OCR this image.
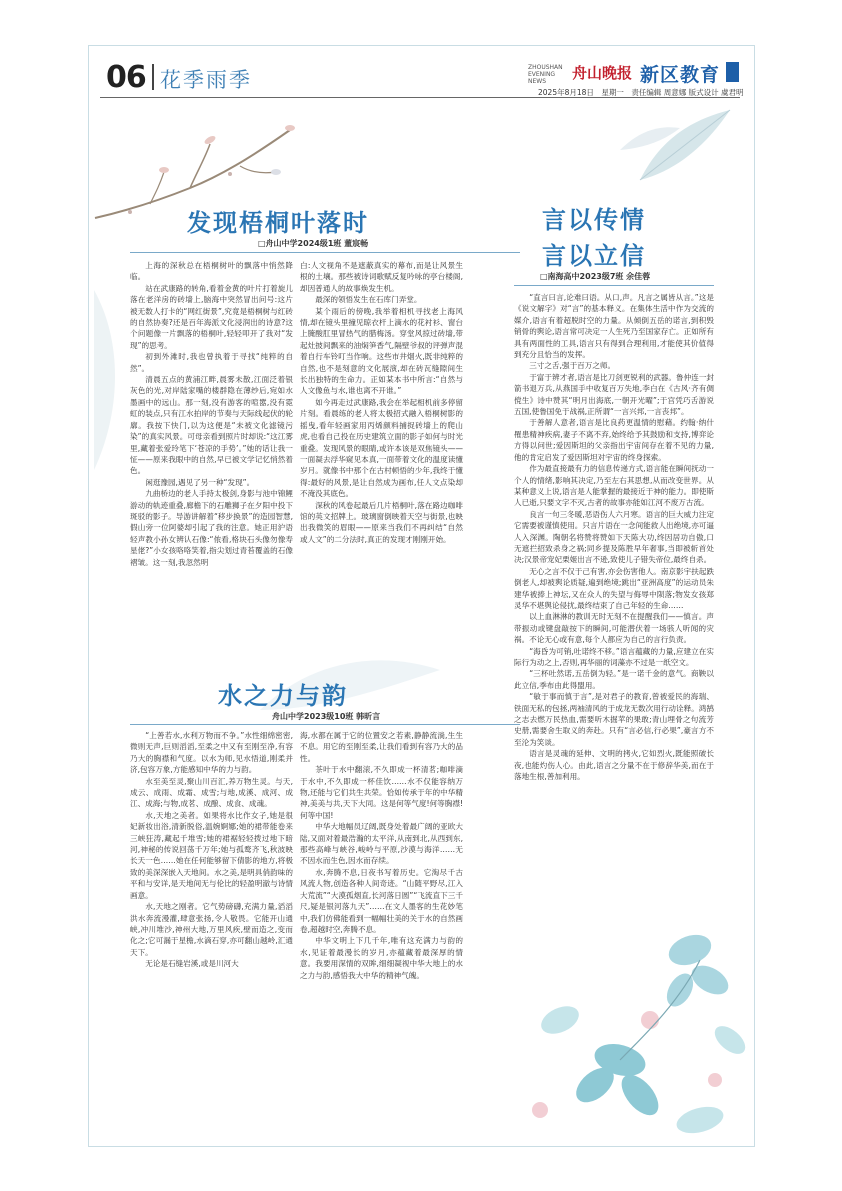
06 花季雨季
ZHOUSHAN EVENING NEWS	舟山晚报 新区教育
2025年8月18日　星期一　责任编辑 周意娜 版式设计 虞君明
发现梧桐叶落时
□舟山中学2024级1班 董宸畅

上海的深秋总在梧桐树叶的飘落中悄然降临。

站在武康路的转角,看着金黄的叶片打着旋儿落在老洋房的砖墙上,脑海中突然冒出问号:这片被无数人打卡的“网红街景”,究竟是梧桐树与红砖的自然协奏?还是百年海派文化浸润出的诗意?这个问题像一片飘落的梧桐叶,轻轻叩开了我对“发现”的思考。

初到外滩时,我也曾执着于寻找“纯粹的自然”。

清晨五点的黄浦江畔,晨雾未散,江面泛着银灰色的光,对岸陆家嘴的楼群隐在薄纱后,宛如水墨画中的远山。那一刻,没有游客的喧嚣,没有霓虹的装点,只有江水拍岸的节奏与天际线起伏的轮廓。我按下快门,以为这便是“未被文化滤镜污染”的真实风景。可母亲看到照片时却说:“这江雾里,藏着张爱玲笔下‘苍凉的手势’。”她的话让我一怔——原来我眼中的自然,早已被文学记忆悄然着色。

闲逛豫园,遇见了另一种“发现”。

九曲桥边的老人手持太极剑,身影与池中锦鲤游动的轨迹重叠,廊檐下的石雕狮子在夕阳中投下斑驳的影子。导游讲解着“移步换景”的造园智慧,假山旁一位阿婆却引起了我的注意。她正用沪语轻声教小孙女辨认石像:“侬看,格块石头像勿像寿星佬?”小女孩咯咯笑着,指尖划过青苔覆盖的石像褶皱。这一刻,我忽然明

白:人文视角不是遮蔽真实的幕布,而是让风景生根的土壤。那些被诗词歌赋反复吟咏的亭台楼阁,却因普通人的故事焕发生机。

最深的领悟发生在石库门弄堂。

某个雨后的傍晚,我举着相机寻找老上海风情,却在镜头里撞见晾衣杆上滴水的花衬衫、窗台上腌酸肛里冒热气的腊梅汤。穿堂风掠过砖墙,带起灶披间飘来的油焖笋香气,隔壁爷叔的评弹声混着自行车铃叮当作响。这些市井烟火,既非纯粹的自然,也不是刻意的文化展演,却在砖瓦缝隙间生长出独特的生命力。正如某本书中所言:“自然与人文像鱼与水,谁也离不开谁。”

如今再走过武康路,我会在举起相机前多停留片刻。看晨练的老人将太极招式融入梧桐树影的摇曳,看年轻画家用丙烯颜料捕捉砖墙上的爬山虎,也看自己投在历史建筑立面的影子如何与时光重叠。发现风景的眼睛,或许本该是双焦镜头——一面凝去浮华窥见本真,一面带着文化的温度读懂岁月。就像书中那个在古村顿悟的少年,我终于懂得:最好的风景,是让自然成为画布,任人文点染却不淹没其底色。

深秋的风卷起最后几片梧桐叶,落在路边咖啡馆的英文招牌上。玻璃窗倒映着天空与街景,也映出我微笑的眉眼——原来当我们不再纠结“自然或人文”的二分法时,真正的发现才刚刚开始。

水之力与韵
舟山中学2023级10班 韩昕言

“上善若水,水利万物而不争。”水性细绵密密,微则无声,巨则滔滔,至柔之中又有至刚至净,有容乃大的胸襟和气度。以水为师,见水悟道,刚柔并济,包容万象,方能感知中华的力与韵。

水至美至灵,聚山川百汇,养万物生灵。与天,成云、成雨、成霜、成雪;与地,成溪、成河、成江、成海;与物,成茗、成酿、成食、成魂。

水,天地之美者。如果将水比作女子,她是很妃新妆出浴,清新脱俗,温婉婀娜;她的裙带能卷来三峡狂涛,藏起千堆雪;她的裙裾轻轻拨过地下暗河,神秘的传说回荡千万年;她与孤鹜齐飞,秋波映长天一色……她在任何能够留下倩影的地方,将极致的美深深嵌入天地间。水之美,是明具俏韵味的平和与安详,是天地间无与伦比的轻盈明澈与诗情画意。

水,天地之刚者。它气势磅礴,充满力量,滔滔洪水奔流漫灌,肆意张扬,令人敬畏。它能开山通峡,冲川堆沙,神州大地,万里风疾,壁而造之,变而化之;它可漏于星檐,水滴石穿,亦可翻山越岭,汇通天下。

无论是石缝岩溪,或是川河大

海,水都在属于它的位置安之若素,静静流淌,生生不息。用它的至刚至柔,让我们看到有容乃大的品性。

茶叶于水中翻滚,不久即成一杯清茗;咖啡滴于水中,不久即成一杯佳饮……水不仅能容纳万物,还能与它们共生共荣。恰如传承于年的中华精神,美美与共,天下大同。这是何等气度!何等胸襟!何等中国!

中华大地幅员辽阔,既身处着最广阔的亚欧大陆,又面对着最浩瀚的太平洋,从南到北,从西到东,那些高峰与峡谷,峻岭与平原,沙漠与海洋……无不因水而生色,因水而存续。

水,奔腾不息,日夜书写着历史。它淘尽千古风流人物,创造各种人间奇迹。“山随平野尽,江入大荒流”“大漠孤烟直,长河落日圆”“飞流直下三千尺,疑是银河落九天”……在文人墨客的生花妙笔中,我们仿佛能看到一幅幅壮美的关于水的自然画卷,超越时空,奔腾不息。

中华文明上下几千年,唯有这充满力与韵的水,见证着最漫长的岁月,亦蕴藏着最深厚的情意。我要用深情的双眸,细细凝视中华大地上的水之力与韵,感悟我大中华的精神气魄。

言以传情
言以立信
□南海高中2023级7班 余佳蓉

“直言曰言,论难曰语。从口,声。凡言之属皆从言。”这是《说文解字》对“言”的基本释义。在集体生活中作为交流的媒介,语言有着超脱时空的力量。从倾倒五岳的诺言,到积毁销骨的舆论,语言常可决定一人生死乃至国家存亡。正如所有具有两面性的工具,语言只有得到合理利用,才能使其价值得到充分且恰当的发挥。

三寸之舌,强于百万之师。

于富于辨才者,语言是比刀剑更锐利的武器。鲁仲连一封箭书退万兵,从燕国手中收复百万失地,李白在《古风·齐有倜傥生》诗中赞其“明月出海底,一朝开光曜”;于宫凭巧舌游说五国,使鲁国免于战祸,正所谓“一言兴邦,一言丧邦”。

于善解人意者,语言是比良药更温情的慰藉。约翰·纳什罹患精神疾病,妻子不离不弃,始终给予其鼓励和支持,博弈论方得以问世;爱因斯坦的父亲指出宇宙间存在着不见的力量,他的肯定启发了爱因斯坦对宇宙的终身探索。

作为最直接最有力的信息传递方式,语言能在瞬间抚动一个人的情绪,影响其决定,乃至左右其思想,从而改变世界。从某种意义上说,语言是人能掌握的最接近于神的能力。即使斯人已逝,只要文字不灭,古者的故事亦能如江河不废万古流。

良言一句三冬暖,恶语伤人六月寒。语言的巨大威力注定它需要被谨慎使用。只言片语在一念间能救人出绝境,亦可逼人入深渊。陶朝名将赞将赞如下天陈大功,终因居功自傲,口无遮拦招致杀身之祸;同乡提及陈胜早年奢事,当即被斩首处决;汉景帝宠妃栗姬出言不逊,致使儿子错失帝位,最终自杀。

无心之言不仅于己有害,亦会伤害他人。南京影宇扶起跌倒老人,却被舆论质疑,遍到绝境;跳出“亚洲高度”的运动员朱建华被捧上神坛,又在众人的失望与侮辱中陨落;物发女孩郑灵华不堪舆论侵扰,最终结束了自己年轻的生命……

以上血淋淋的教训无时无刻不在提醒我们——慎言。声带振动或键盘敲按下的瞬间,可能潜伏着一场骇人听闻的灾祸。不论无心或有意,每个人都应为自己的言行负责。

“海昏为可销,吐诺终不移。”语言蕴藏的力量,应建立在实际行为动之上,否则,再华丽的词藻亦不过是一纸空文。

“三杯吐然诺,五岳倒为轻。”是一诺千金的意气。商鞅以此立信,季布由此得盟用。

“敏于事而慎于言”,是对君子的教育,曾被爱民的海瑞、铁面无私的包拯,两袖清风的于成龙无数次用行动诠释。鸿鹄之志去燃万民热血,需要听木掘苹的果敢;青山埋骨之句流芳史册,需要舍生取义的奔赴。只有“言必信,行必果”,豪言方不至沦为笑谈。

语言是灵魂的延伸、文明的拷火,它如烈火,既能照破长夜,也能灼伤人心。由此,语言之分量不在于修辞华美,而在于落地生根,善加利用。
